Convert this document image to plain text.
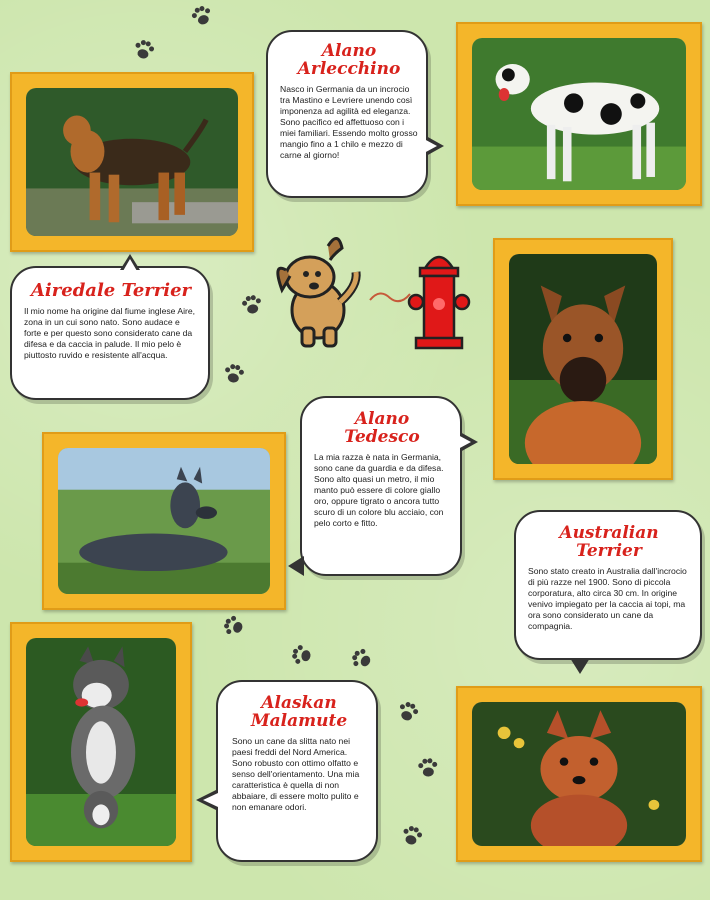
Alano
Arlecchino

Nasco in Germania da un incrocio tra Mastino e Levriere unendo così imponenza ad agilità ed eleganza. Sono pacifico ed affettuoso con i miei familiari. Essendo molto grosso mangio fino a 1 chilo e mezzo di carne al giorno!

Airedale Terrier

Il mio nome ha origine dal fiume inglese Aire, zona in un cui sono nato. Sono audace e forte e per questo sono considerato cane da difesa e da caccia in palude. Il mio pelo è piuttosto ruvido e resistente all'acqua.

Alano
Tedesco

La mia razza è nata in Germania, sono cane da guardia e da difesa. Sono alto quasi un metro, il mio manto può essere di colore giallo oro, oppure tigrato o ancora tutto scuro di un colore blu acciaio, con pelo corto e fitto.	Australian
Terrier

Sono stato creato in Australia dall'incrocio di più razze nel 1900. Sono di piccola corporatura, alto circa 30 cm. In origine venivo impiegato per la caccia ai topi, ma ora sono considerato un cane da compagnia.

Alaskan
Malamute

Sono un cane da slitta nato nei paesi freddi del Nord America. Sono robusto con ottimo olfatto e senso dell'orientamento. Una mia caratteristica è quella di non abbaiare, di essere molto pulito e non emanare odori.
